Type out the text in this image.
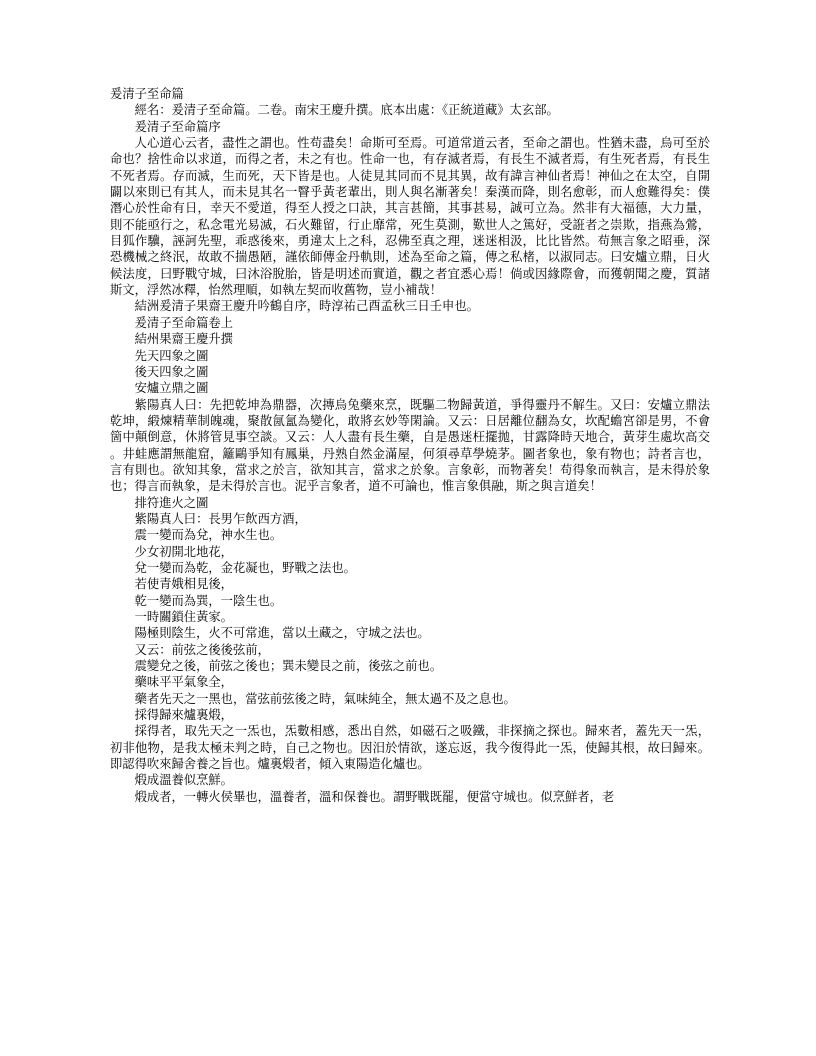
爰清子至命篇

經名：爰清子至命篇。二卷。南宋王慶升撰。底本出處：《正統道藏》太玄部。

爰清子至命篇序

人心道心云者，盡性之謂也。性苟盡矣！命斯可至焉。可道常道云者，至命之謂也。性猶未盡，烏可至於命也？捨性命以求道，而得之者，未之有也。性命一也，有存滅者焉，有長生不滅者焉，有生死者焉，有長生不死者焉。存而滅，生而死，天下皆是也。人徒見其同而不見其異，故有諱言神仙者焉！神仙之在太空，自開闢以來則已有其人，而未見其名一瞖乎黃老輩出，則人與名漸著矣！秦漢而降，則名愈彰，而人愈難得矣：僕潛心於性命有日，幸天不愛道，得至人授之口訣，其言甚簡，其事甚易，誠可立為。然非有大福德，大力量，則不能亟行之，私念電光易滅，石火難留，行止靡常，死生莫測，歎世人之篤好，受誑者之崇欺，指燕為鶯，目狐作驥，誣訶先聖，乖惑後來，勇違太上之科，忍佛至真之理，迷迷相汲，比比皆然。苟無言象之昭垂，深恐機械之終泯，故敢不揣愚陋，謹依師傳金丹軌則，述為至命之篇，傳之私楮，以淑同志。曰安爐立鼎，日火候法度，曰野戰守城，曰沐浴脫胎，皆是明述而實道，觀之者宜悉心焉！倘或因緣際會，而獲朝聞之慶，質諸斯文，浮然冰釋，怡然理順，如執左契而收舊物，豈小補哉！

結洲爰清子果齋王慶升吟鶴自序，時淳祐己酉孟秋三日壬申也。

爰清子至命篇卷上

結州果齋王慶升撰

先天四象之圖

後天四象之圖

安爐立鼎之圖

紫陽真人曰：先把乾坤為鼎器，次摶烏兔藥來烹，既驅二物歸黃道，爭得靈丹不解生。又曰：安爐立鼎法乾坤，緞煉精華制魄魂，聚散氤氳為變化，敢將玄妙等閑論。又云：日居離位翻為女，坎配蟾宮卻是男，不會箇中顛倒意，休將管見事空談。又云：人人盡有長生藥，自是愚迷枉擺拋，甘露降時天地合，黃芽生處坎高交。井蛙應謂無龍窟，籬鷗爭知有鳳巢，丹熟自然金滿屋，何須尋草學燒茅。圖者象也，象有物也；詩者言也，言有則也。欲知其象，當求之於言，欲知其言，當求之於象。言象彰，而物著矣！苟得象而執言，是未得於象也；得言而執象，是未得於言也。泥乎言象者，道不可論也，惟言象俱融，斯之與言道矣！

排符進火之圖

紫陽真人曰：長男乍飲西方酒，

震一變而為兌，神水生也。

少女初開北地花，

兌一變而為乾，金花凝也，野戰之法也。

若使青娥相見後，

乾一變而為巽，一陰生也。

一時關鎖住黃家。

陽極則陰生，火不可常進，當以土藏之，守城之法也。

又云：前弦之後後弦前，

震變兌之後，前弦之後也；巽未變艮之前，後弦之前也。

藥味平平氣象全，

藥者先天之一黑也，當弦前弦後之時，氣味純全，無太過不及之息也。

採得歸來爐裏煅，

採得者，取先天之一炁也，炁數相感，悉出自然，如磁石之吸鐵，非探摘之探也。歸來者，蓋先天一炁，初非他物，是我太極未判之時，自己之物也。因汨於情欲，遂忘返，我今復得此一炁，使歸其根，故曰歸來。即認得吹來歸舍養之旨也。爐裏煅者，傾入東陽造化爐也。

煅成溫養似烹鮮。

煅成者，一轉火侯畢也，溫養者，溫和保養也。謂野戰既罷，便當守城也。似烹鮮者，老
